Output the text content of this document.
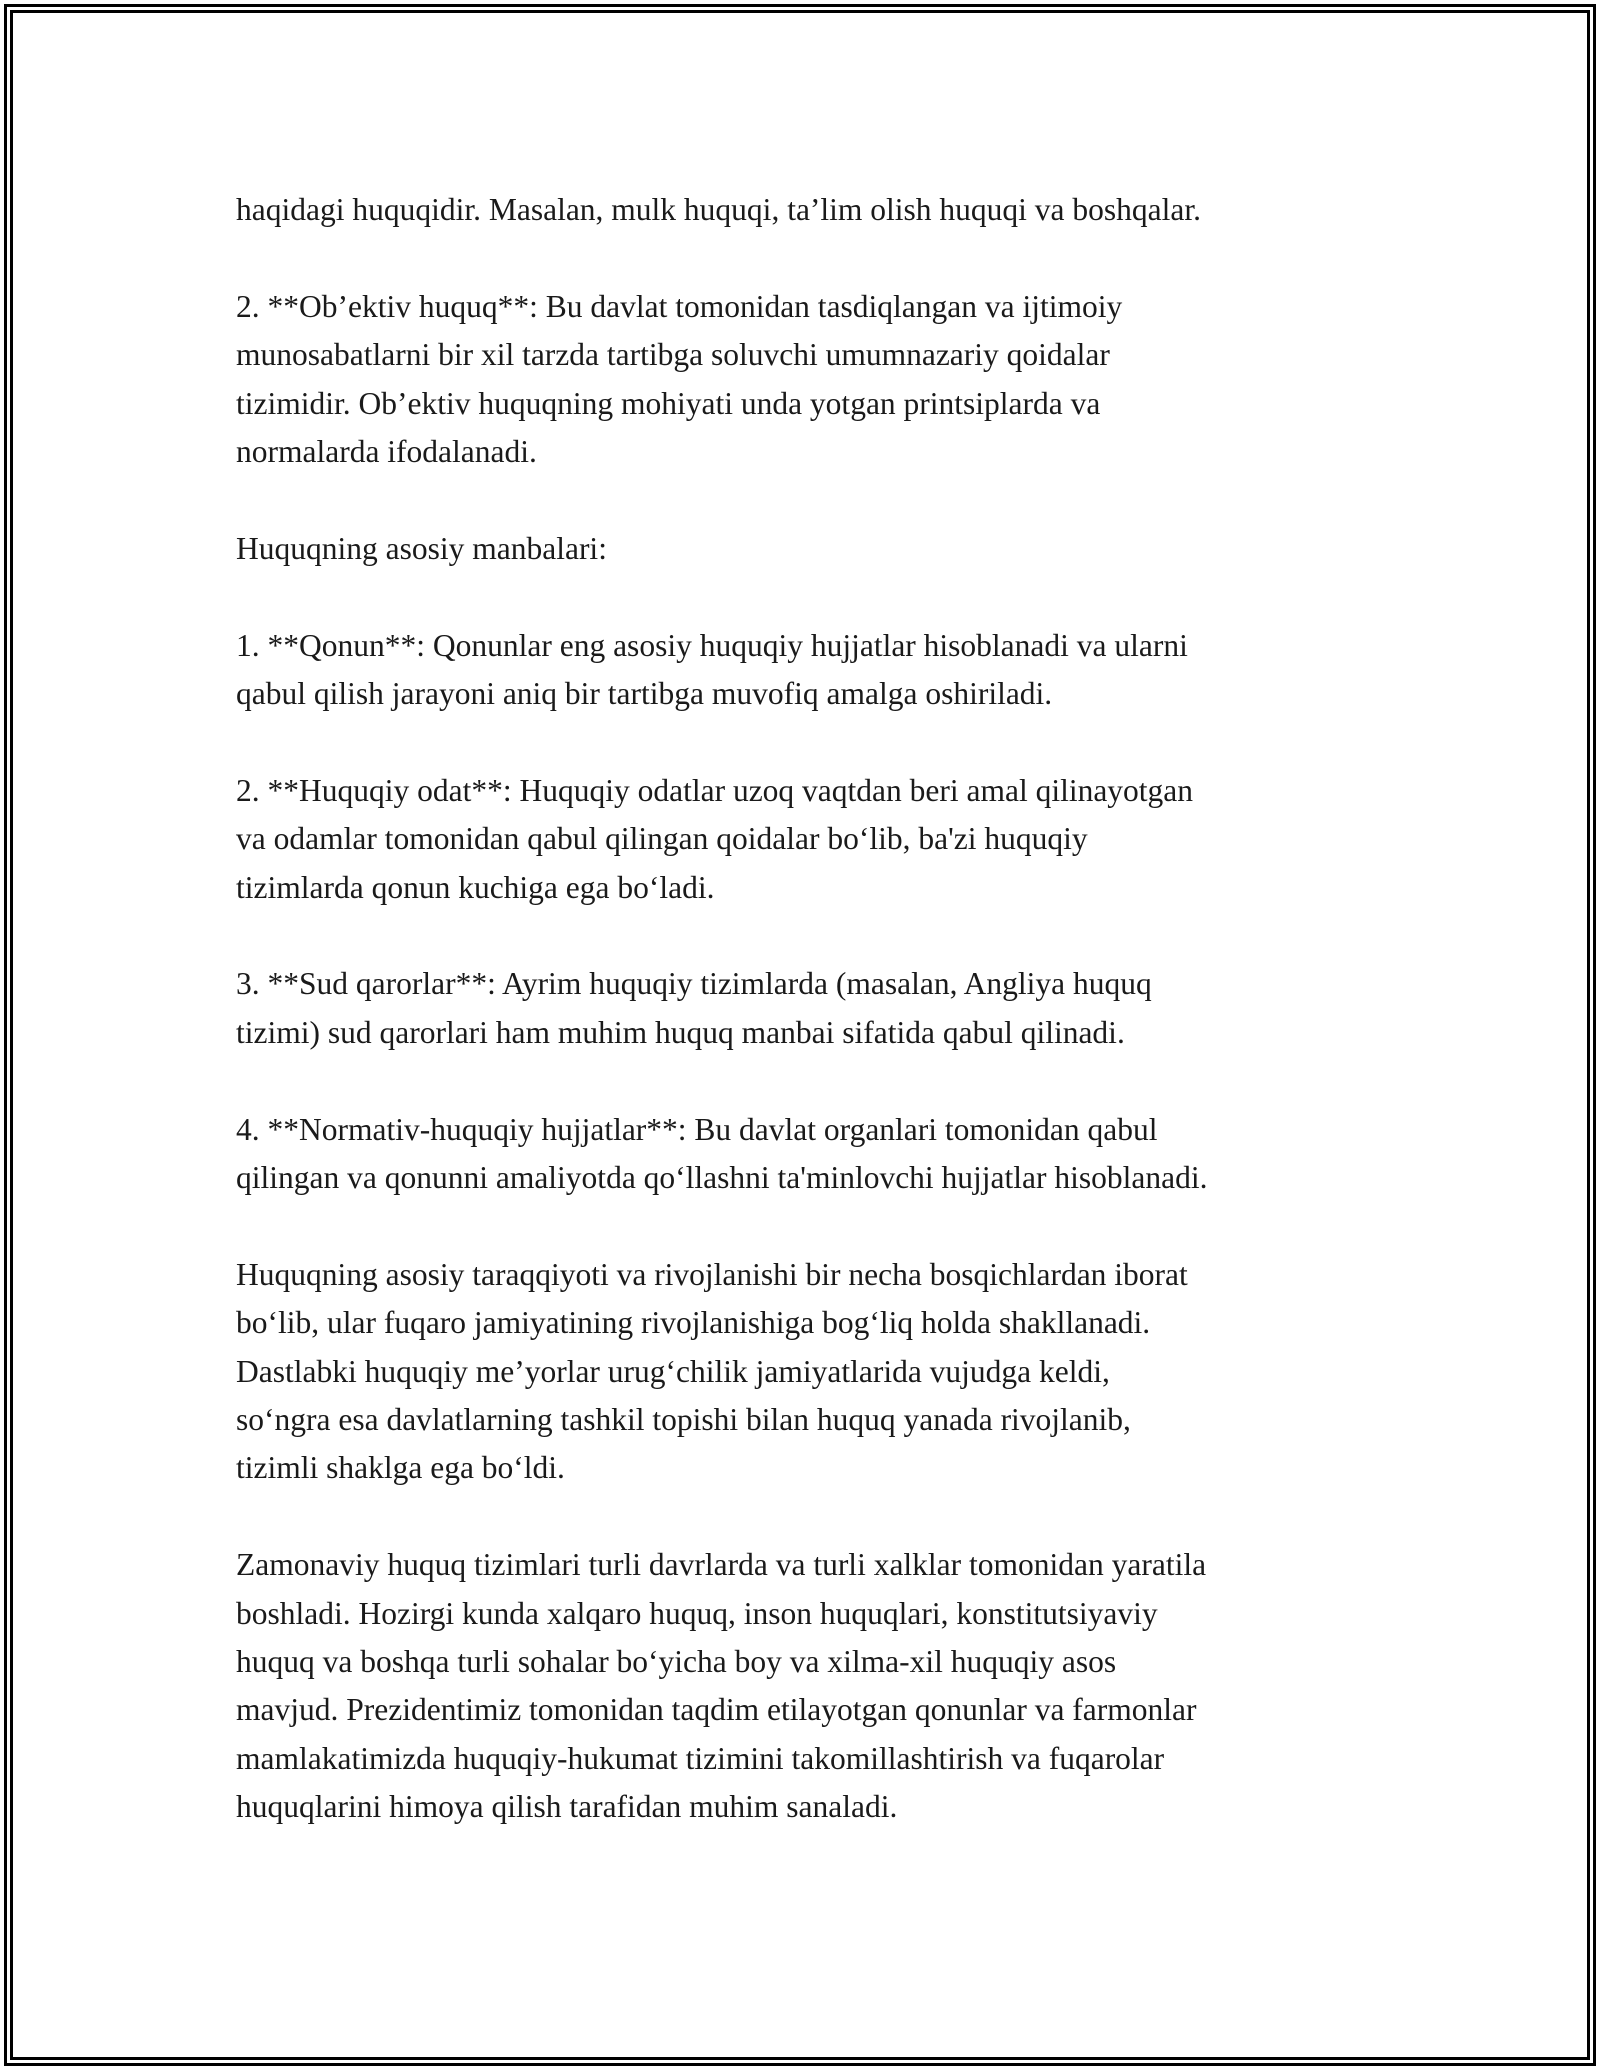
haqidagi huquqidir. Masalan, mulk huquqi, ta’lim olish huquqi va boshqalar.

2. **Ob’ektiv huquq**: Bu davlat tomonidan tasdiqlangan va ijtimoiy
munosabatlarni bir xil tarzda tartibga soluvchi umumnazariy qoidalar
tizimidir. Ob’ektiv huquqning mohiyati unda yotgan printsiplarda va
normalarda ifodalanadi.

Huquqning asosiy manbalari:

1. **Qonun**: Qonunlar eng asosiy huquqiy hujjatlar hisoblanadi va ularni
qabul qilish jarayoni aniq bir tartibga muvofiq amalga oshiriladi.

2. **Huquqiy odat**: Huquqiy odatlar uzoq vaqtdan beri amal qilinayotgan
va odamlar tomonidan qabul qilingan qoidalar bo‘lib, ba'zi huquqiy
tizimlarda qonun kuchiga ega bo‘ladi.

3. **Sud qarorlar**: Ayrim huquqiy tizimlarda (masalan, Angliya huquq
tizimi) sud qarorlari ham muhim huquq manbai sifatida qabul qilinadi.

4. **Normativ-huquqiy hujjatlar**: Bu davlat organlari tomonidan qabul
qilingan va qonunni amaliyotda qo‘llashni ta'minlovchi hujjatlar hisoblanadi.

Huquqning asosiy taraqqiyoti va rivojlanishi bir necha bosqichlardan iborat
bo‘lib, ular fuqaro jamiyatining rivojlanishiga bog‘liq holda shakllanadi.
Dastlabki huquqiy me’yorlar urug‘chilik jamiyatlarida vujudga keldi,
so‘ngra esa davlatlarning tashkil topishi bilan huquq yanada rivojlanib,
tizimli shaklga ega bo‘ldi.

Zamonaviy huquq tizimlari turli davrlarda va turli xalklar tomonidan yaratila
boshladi. Hozirgi kunda xalqaro huquq, inson huquqlari, konstitutsiyaviy
huquq va boshqa turli sohalar bo‘yicha boy va xilma-xil huquqiy asos
mavjud. Prezidentimiz tomonidan taqdim etilayotgan qonunlar va farmonlar
mamlakatimizda huquqiy-hukumat tizimini takomillashtirish va fuqarolar
huquqlarini himoya qilish tarafidan muhim sanaladi.
